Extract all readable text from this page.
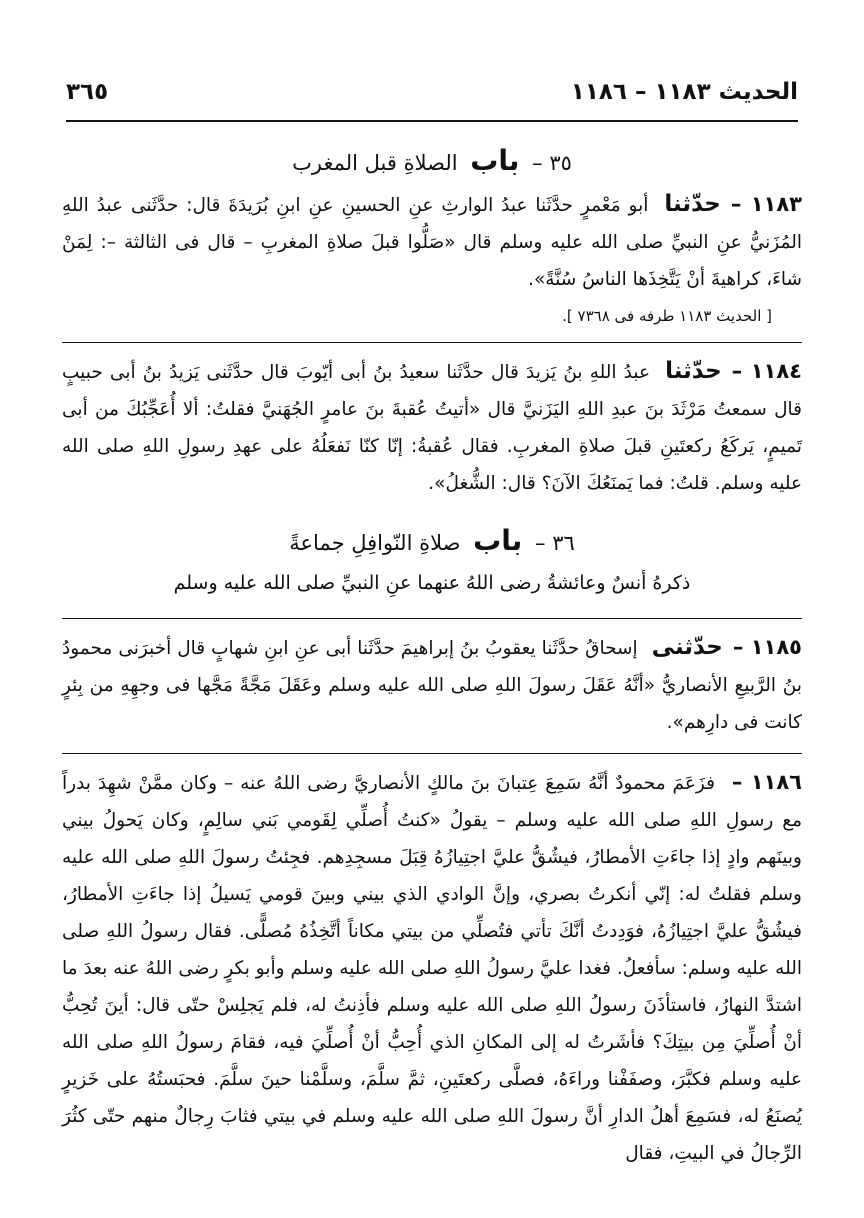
الحديث ١١٨٣ – ١١٨٦
٣٦٥
٣٥ – باب الصلاةِ قبل المغرب

١١٨٣ –حدّثنا أبو مَعْمرٍ حدَّثَنا عبدُ الوارثِ عنِ الحسينِ عنِ ابنِ بُرَيدَةَ قال: حدَّثَنى عبدُ اللهِ المُزَنيُّ عنِ النبيِّ صلى الله عليه وسلم قال «صَلُّوا قبلَ صلاةِ المغربِ – قال فى الثالثة –: لِمَنْ شاءَ، كراهيةَ أنْ يَتَّخِذَها الناسُ سُنَّةً».

[ الحديث ١١٨٣ طرفه فى ٧٣٦٨ ].

١١٨٤ –حدّثنا عبدُ اللهِ بنُ يَزيدَ قال حدَّثَنا سعيدُ بنُ أبى أيّوبَ قال حدَّثَنى يَزيدُ بنُ أبى حبيبٍ قال سمعتُ مَرْثَدَ بنَ عبدِ اللهِ اليَزَنيَّ قال «أتيتُ عُقبةَ بنَ عامرٍ الجُهَنيَّ فقلتُ: ألا أُعَجِّبُكَ من أبى تَميمٍ، يَركَعُ ركعتَينِ قبلَ صلاةِ المغربِ. فقال عُقبةُ: إنّا كنّا نَفعَلُهُ على عهدِ رسولِ اللهِ صلى الله عليه وسلم. قلتُ: فما يَمنَعُكَ الآنَ؟ قال: الشُّغلُ».

٣٦ – باب صلاةِ النّوافِلِ جماعةً
ذكرهُ أنسٌ وعائشةُ رضى اللهُ عنهما عنِ النبيِّ صلى الله عليه وسلم

١١٨٥ –حدّثنى إسحاقُ حدَّثَنا يعقوبُ بنُ إبراهيمَ حدَّثَنا أبى عنِ ابنِ شهابٍ قال أخبرَنى محمودُ بنُ الرَّبيعِ الأنصاريُّ «أنَّهُ عَقَلَ رسولَ اللهِ صلى الله عليه وسلم وعَقَلَ مَجَّةً مَجَّها فى وجهِهِ من بِئرٍ كانت فى دارِهم».

١١٨٦ – فزَعَمَ محمودٌ أنَّهُ سَمِعَ عِتبانَ بنَ مالكٍ الأنصاريَّ رضى اللهُ عنه – وكان ممَّنْ شهِدَ بدراً مع رسولِ اللهِ صلى الله عليه وسلم – يقولُ «كنتُ أُصلِّي لِقَومي بَني سالِمٍ، وكان يَحولُ بيني وبينَهم وادٍ إذا جاءَتِ الأمطارُ، فيشُقُّ عليَّ اجتِيازُهُ قِبَلَ مسجِدِهم. فجِئتُ رسولَ اللهِ صلى الله عليه وسلم فقلتُ له: إنّي أنكرتُ بصري، وإنَّ الوادي الذي بيني وبينَ قومي يَسيلُ إذا جاءَتِ الأمطارُ، فيشُقُّ عليَّ اجتِيازُهُ، فوَدِدتُ أنَّكَ تأتي فتُصلِّي من بيتي مكاناً أتَّخِذُهُ مُصلًّى. فقال رسولُ اللهِ صلى الله عليه وسلم: سأفعلُ. فغدا عليَّ رسولُ اللهِ صلى الله عليه وسلم وأبو بكرٍ رضى اللهُ عنه بعدَ ما اشتدَّ النهارُ، فاستأذَنَ رسولُ اللهِ صلى الله عليه وسلم فأذِنتُ له، فلم يَجلِسْ حتّى قال: أينَ تُحِبُّ أنْ أُصلِّيَ مِن بيتِكَ؟ فأشَرتُ له إلى المكانِ الذي أُحِبُّ أنْ أُصلِّيَ فيه، فقامَ رسولُ اللهِ صلى الله عليه وسلم فكبَّرَ، وصفَفْنا وراءَهُ، فصلَّى ركعتَينِ، ثمَّ سلَّمَ، وسلَّمْنا حينَ سلَّمَ. فحبَستُهُ على خَزيرٍ يُصنَعُ له، فسَمِعَ أهلُ الدارِ أنَّ رسولَ اللهِ صلى الله عليه وسلم في بيتي فثابَ رِجالٌ منهم حتّى كثُرَ الرِّجالُ في البيتِ، فقال
